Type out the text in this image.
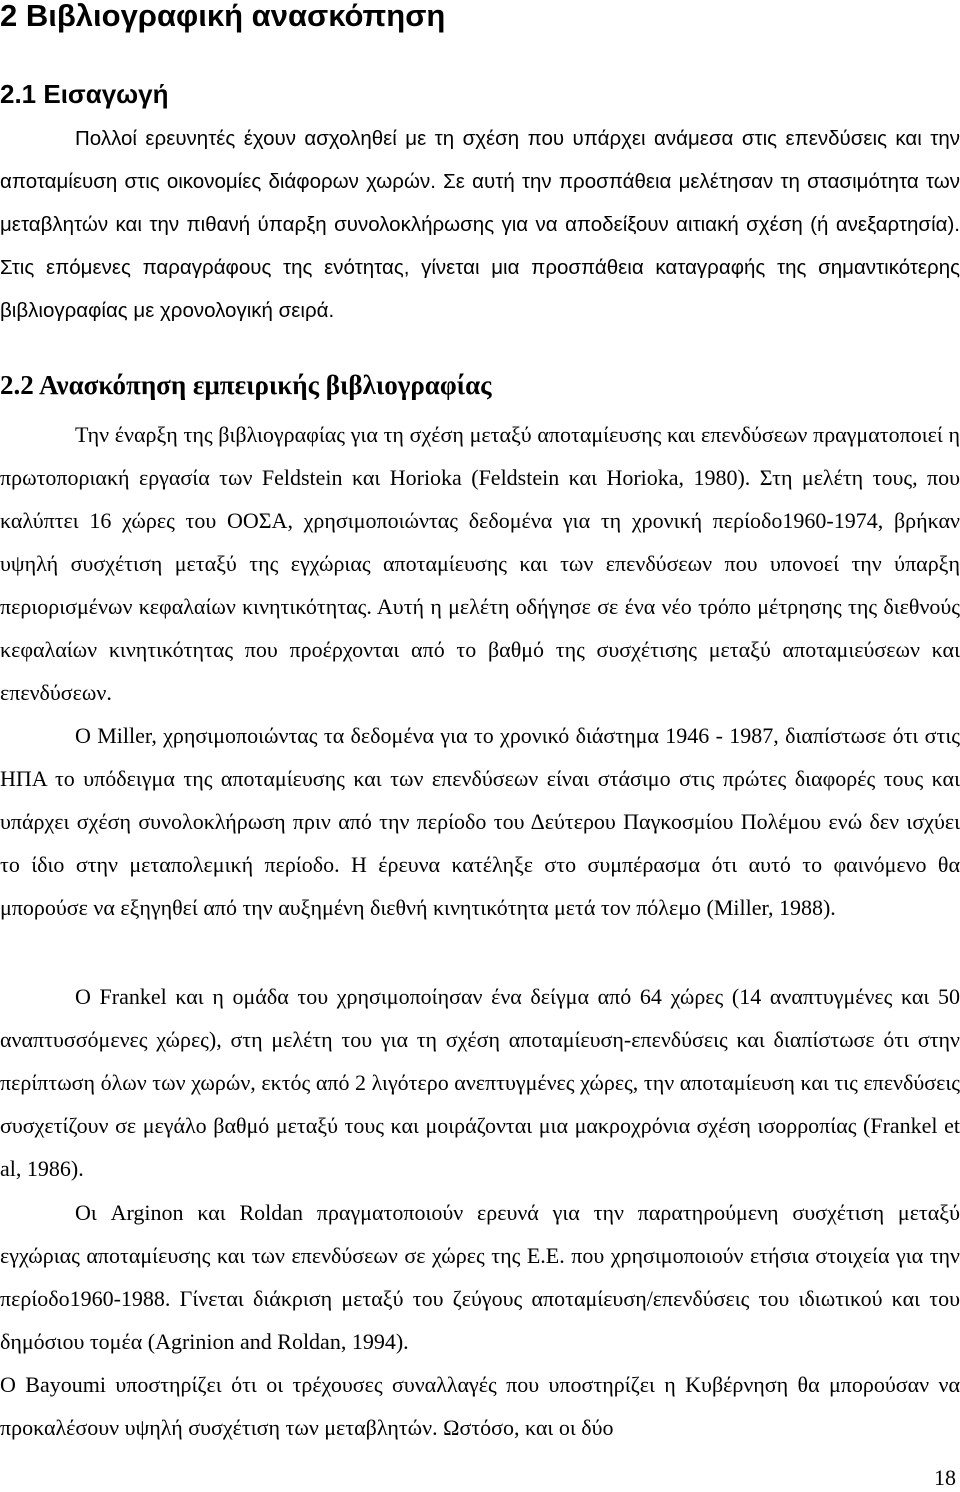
2 Βιβλιογραφική ανασκόπηση
2.1 Εισαγωγή

Πολλοί ερευνητές έχουν ασχοληθεί με τη σχέση που υπάρχει ανάμεσα στις επενδύσεις και την αποταμίευση στις οικονομίες διάφορων χωρών. Σε αυτή την προσπάθεια μελέτησαν τη στασιμότητα των μεταβλητών και την πιθανή ύπαρξη συνολοκλήρωσης για να αποδείξουν αιτιακή σχέση (ή ανεξαρτησία). Στις επόμενες παραγράφους της ενότητας, γίνεται μια προσπάθεια καταγραφής της σημαντικότερης βιβλιογραφίας με χρονολογική σειρά.

2.2 Ανασκόπηση εμπειρικής βιβλιογραφίας

Την έναρξη της βιβλιογραφίας για τη σχέση μεταξύ αποταμίευσης και επενδύσεων πραγματοποιεί η πρωτοποριακή εργασία των Feldstein και Horioka (Feldstein και Horioka, 1980). Στη μελέτη τους, που καλύπτει 16 χώρες του ΟΟΣΑ, χρησιμοποιώντας δεδομένα για τη χρονική περίοδο1960-1974, βρήκαν υψηλή συσχέτιση μεταξύ της εγχώριας αποταμίευσης και των επενδύσεων που υπονοεί την ύπαρξη περιορισμένων κεφαλαίων κινητικότητας. Αυτή η μελέτη οδήγησε σε ένα νέο τρόπο μέτρησης της διεθνούς κεφαλαίων κινητικότητας που προέρχονται από το βαθμό της συσχέτισης μεταξύ αποταμιεύσεων και επενδύσεων.

Ο Miller, χρησιμοποιώντας τα δεδομένα για το χρονικό διάστημα 1946 - 1987, διαπίστωσε ότι στις ΗΠΑ το υπόδειγμα της αποταμίευσης και των επενδύσεων είναι στάσιμο στις πρώτες διαφορές τους και υπάρχει σχέση συνολοκλήρωση πριν από την περίοδο του Δεύτερου Παγκοσμίου Πολέμου ενώ δεν ισχύει το ίδιο στην μεταπολεμική περίοδο. Η έρευνα κατέληξε στο συμπέρασμα ότι αυτό το φαινόμενο θα μπορούσε να εξηγηθεί από την αυξημένη διεθνή κινητικότητα μετά τον πόλεμο (Miller, 1988).

Ο Frankel και η ομάδα του χρησιμοποίησαν ένα δείγμα από 64 χώρες (14 αναπτυγμένες και 50 αναπτυσσόμενες χώρες), στη μελέτη του για τη σχέση αποταμίευση-επενδύσεις και διαπίστωσε ότι στην περίπτωση όλων των χωρών, εκτός από 2 λιγότερο ανεπτυγμένες χώρες, την αποταμίευση και τις επενδύσεις συσχετίζουν σε μεγάλο βαθμό μεταξύ τους και μοιράζονται μια μακροχρόνια σχέση ισορροπίας (Frankel et al, 1986).

Οι Arginon και Roldan πραγματοποιούν ερευνά για την παρατηρούμενη συσχέτιση μεταξύ εγχώριας αποταμίευσης και των επενδύσεων σε χώρες της Ε.Ε. που χρησιμοποιούν ετήσια στοιχεία για την περίοδο1960-1988. Γίνεται διάκριση μεταξύ του ζεύγους αποταμίευση/επενδύσεις του ιδιωτικού και του δημόσιου τομέα (Agrinion and Roldan, 1994).

Ο Bayoumi υποστηρίζει ότι οι τρέχουσες συναλλαγές που υποστηρίζει η Κυβέρνηση θα μπορούσαν να προκαλέσουν υψηλή συσχέτιση των μεταβλητών. Ωστόσο, και οι δύο

18
